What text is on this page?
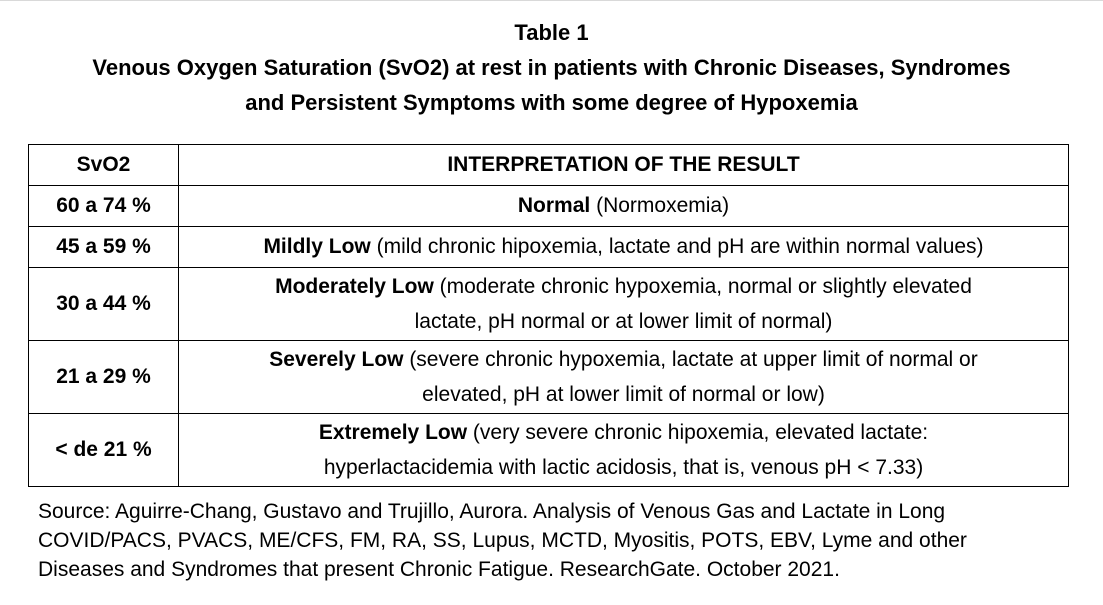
Table 1
Venous Oxygen Saturation (SvO2) at rest in patients with Chronic Diseases, Syndromes
and Persistent Symptoms with some degree of Hypoxemia
SvO2	INTERPRETATION OF THE RESULT
60 a 74 %	Normal (Normoxemia)
45 a 59 %	Mildly Low (mild chronic hipoxemia, lactate and pH are within normal values)
30 a 44 %	Moderately Low (moderate chronic hypoxemia, normal or slightly elevated
lactate, pH normal or at lower limit of normal)
21 a 29 %	Severely Low (severe chronic hypoxemia, lactate at upper limit of normal or
elevated, pH at lower limit of normal or low)
< de 21 %	Extremely Low (very severe chronic hipoxemia, elevated lactate:
hyperlactacidemia with lactic acidosis, that is, venous pH < 7.33)
Source: Aguirre-Chang, Gustavo and Trujillo, Aurora. Analysis of Venous Gas and Lactate in Long
COVID/PACS, PVACS, ME/CFS, FM, RA, SS, Lupus, MCTD, Myositis, POTS, EBV, Lyme and other
Diseases and Syndromes that present Chronic Fatigue. ResearchGate. October 2021.
